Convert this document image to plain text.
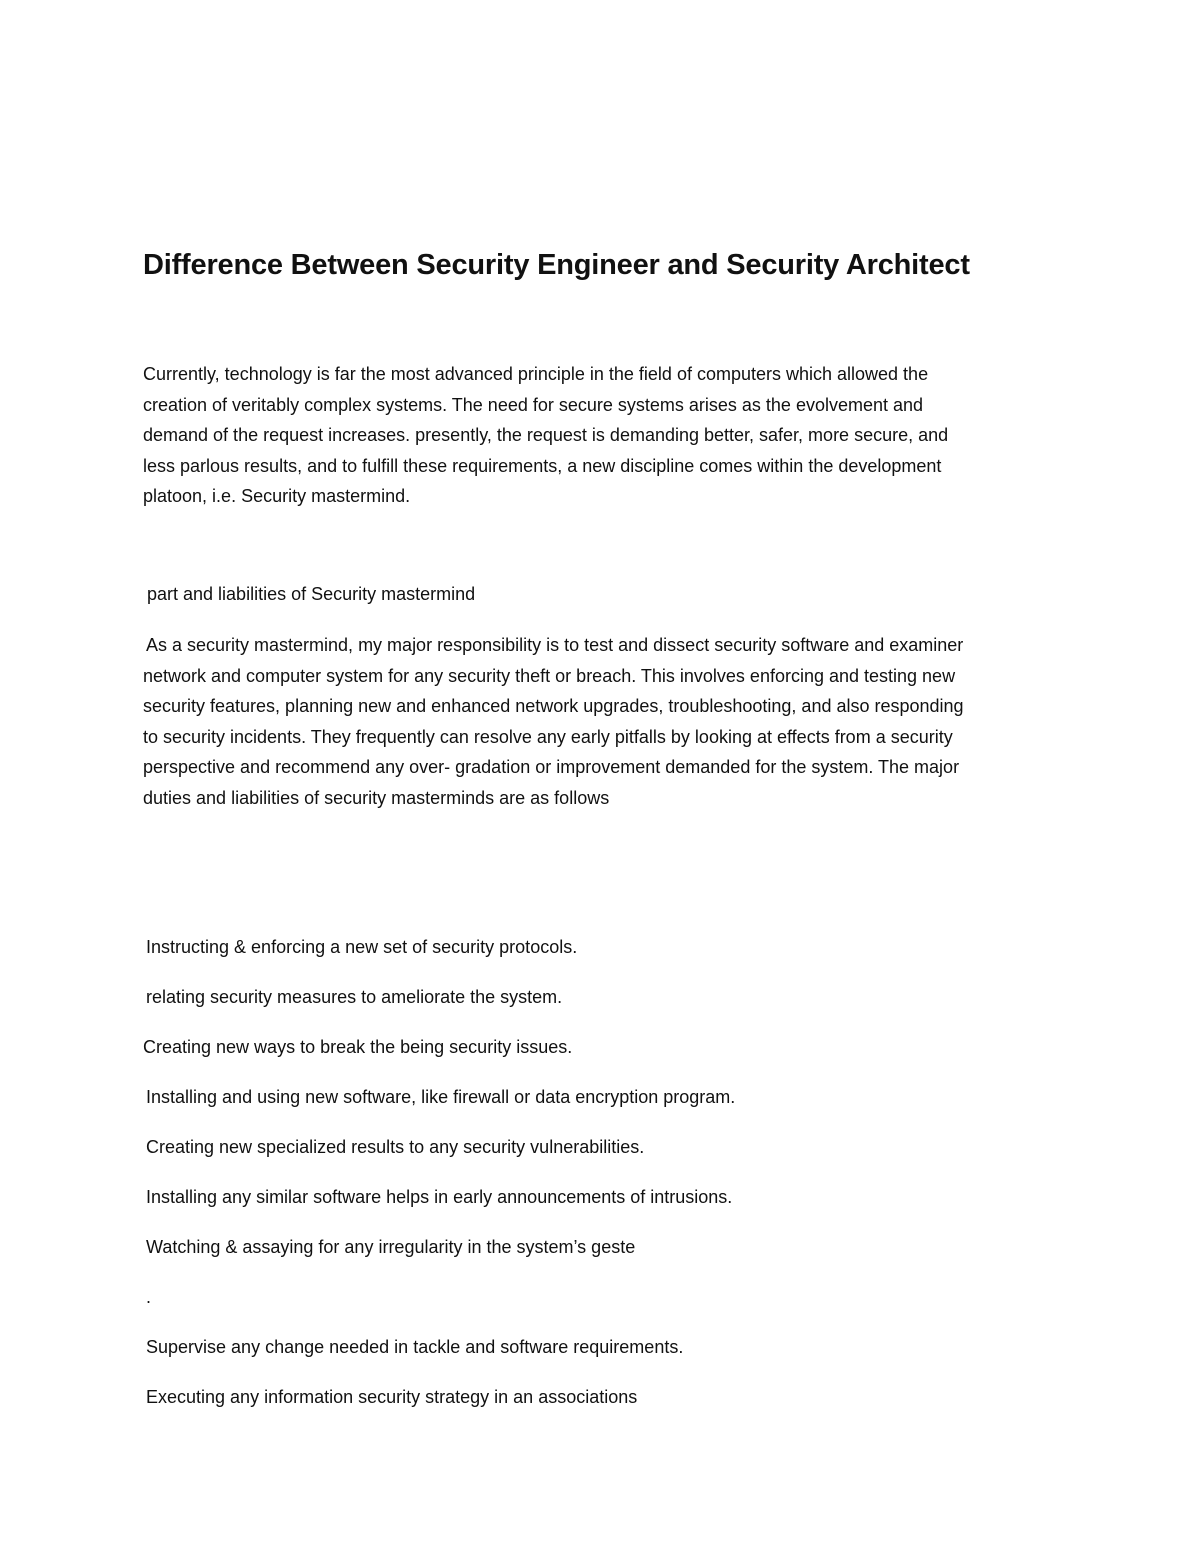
Difference Between Security Engineer and Security Architect

Currently, technology is far the most advanced principle in the field of computers which allowed the
creation of veritably complex systems. The need for secure systems arises as the evolvement and
demand of the request increases. presently, the request is demanding better, safer, more secure, and
less parlous results, and to fulfill these requirements, a new discipline comes within the development
platoon, i.e. Security mastermind.

part and liabilities of Security mastermind

As a security mastermind, my major responsibility is to test and dissect security software and examiner
network and computer system for any security theft or breach. This involves enforcing and testing new
security features, planning new and enhanced network upgrades, troubleshooting, and also responding
to security incidents. They frequently can resolve any early pitfalls by looking at effects from a security
perspective and recommend any over- gradation or improvement demanded for the system. The major
duties and liabilities of security masterminds are as follows

Instructing & enforcing a new set of security protocols.
relating security measures to ameliorate the system.
Creating new ways to break the being security issues.
Installing and using new software, like firewall or data encryption program.
Creating new specialized results to any security vulnerabilities.
Installing any similar software helps in early announcements of intrusions.
Watching & assaying for any irregularity in the system’s geste
.
Supervise any change needed in tackle and software requirements.
Executing any information security strategy in an associations
